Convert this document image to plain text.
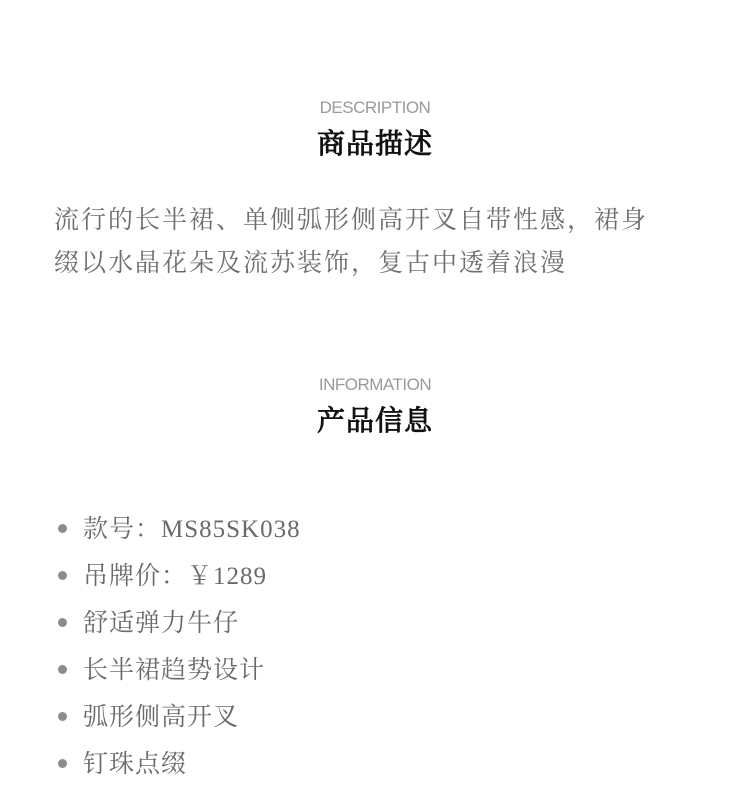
DESCRIPTION
商品描述
流行的长半裙、单侧弧形侧高开叉自带性感，裙身
缀以水晶花朵及流苏装饰，复古中透着浪漫
INFORMATION
产品信息
款号：MS85SK038
吊牌价：￥1289
舒适弹力牛仔
长半裙趋势设计
弧形侧高开叉
钉珠点缀
